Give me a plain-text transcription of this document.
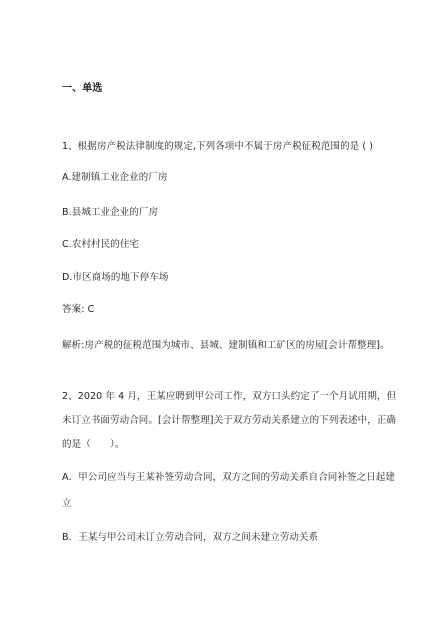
一、单选
1、根据房产税法律制度的规定,下列各项中不属于房产税征税范围的是 ( )
A.建制镇工业企业的厂房
B.县城工业企业的厂房
C.农村村民的住宅
D.市区商场的地下停车场
答案: C
解析:房产税的征税范围为城市、县城、建制镇和工矿区的房屋[会计帮整理]。
2、2020 年 4 月，王某应聘到甲公司工作，双方口头约定了一个月试用期，但
未订立书面劳动合同。[会计帮整理]关于双方劳动关系建立的下列表述中，正确
的是（　　）。
A．甲公司应当与王某补签劳动合同，双方之间的劳动关系自合同补签之日起建
立
B．王某与甲公司未订立劳动合同，双方之间未建立劳动关系
